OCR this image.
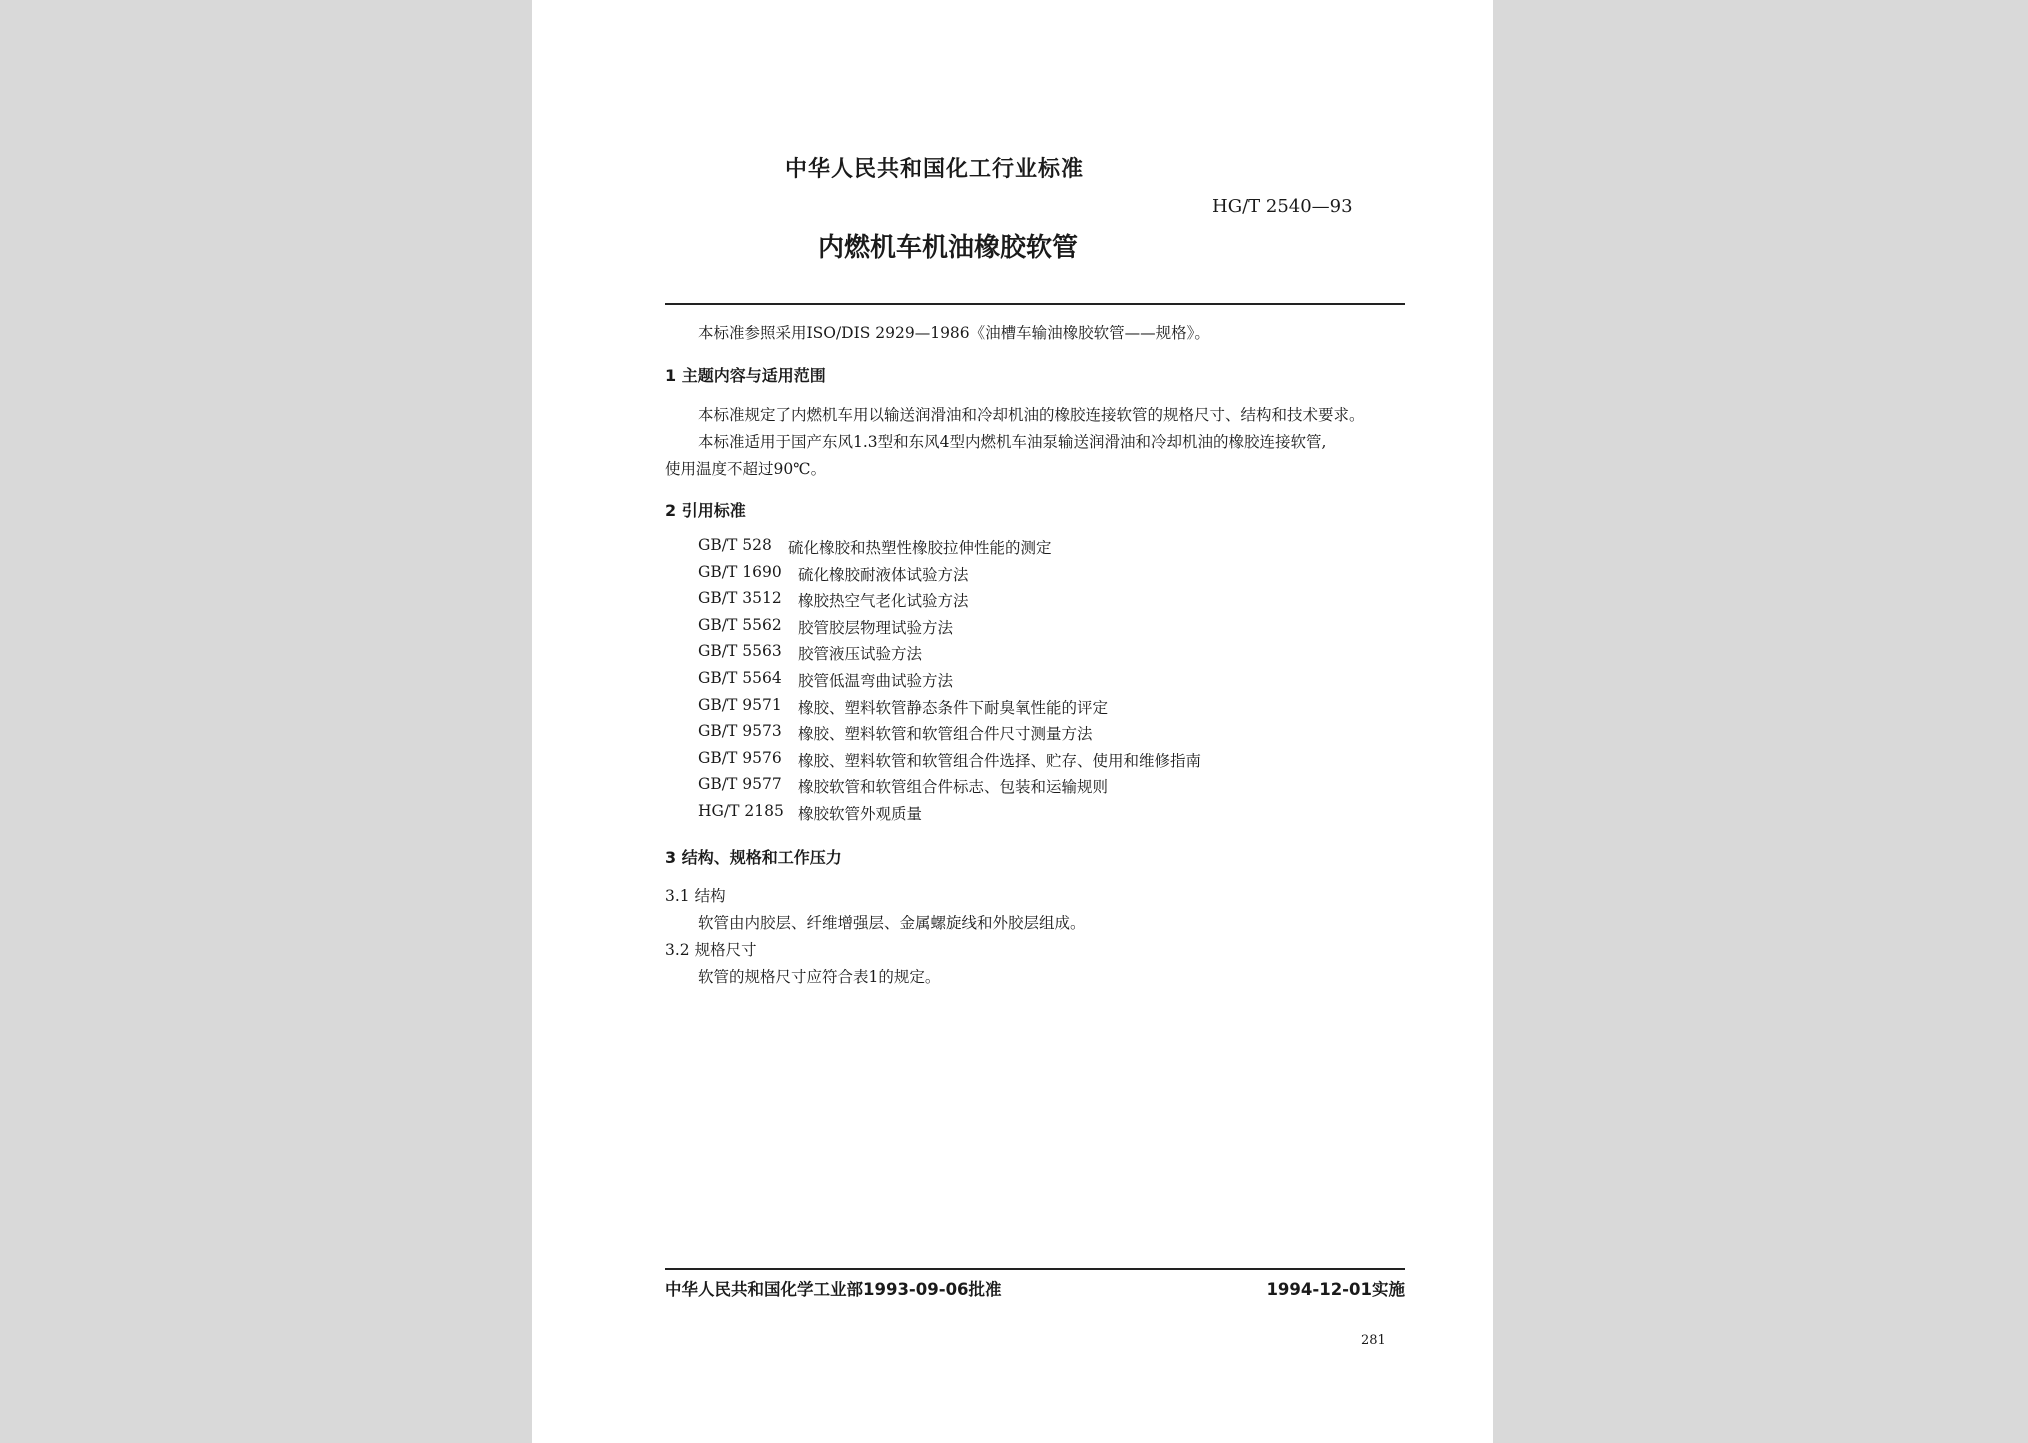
中华人民共和国化工行业标准
HG/T 2540—93
内燃机车机油橡胶软管
本标准参照采用ISO/DIS 2929—1986《油槽车输油橡胶软管——规格》。
1 主题内容与适用范围
本标准规定了内燃机车用以输送润滑油和冷却机油的橡胶连接软管的规格尺寸、结构和技术要求。
本标准适用于国产东风1.3型和东风4型内燃机车油泵输送润滑油和冷却机油的橡胶连接软管,
使用温度不超过90℃。
2 引用标准
GB/T 528 硫化橡胶和热塑性橡胶拉伸性能的测定
GB/T 1690 硫化橡胶耐液体试验方法
GB/T 3512 橡胶热空气老化试验方法
GB/T 5562 胶管胶层物理试验方法
GB/T 5563 胶管液压试验方法
GB/T 5564 胶管低温弯曲试验方法
GB/T 9571 橡胶、塑料软管静态条件下耐臭氧性能的评定
GB/T 9573 橡胶、塑料软管和软管组合件尺寸测量方法
GB/T 9576 橡胶、塑料软管和软管组合件选择、贮存、使用和维修指南
GB/T 9577 橡胶软管和软管组合件标志、包装和运输规则
HG/T 2185 橡胶软管外观质量
3 结构、规格和工作压力
3.1 结构
软管由内胶层、纤维增强层、金属螺旋线和外胶层组成。
3.2 规格尺寸
软管的规格尺寸应符合表1的规定。
中华人民共和国化学工业部1993-09-06批准	1994-12-01实施
281
